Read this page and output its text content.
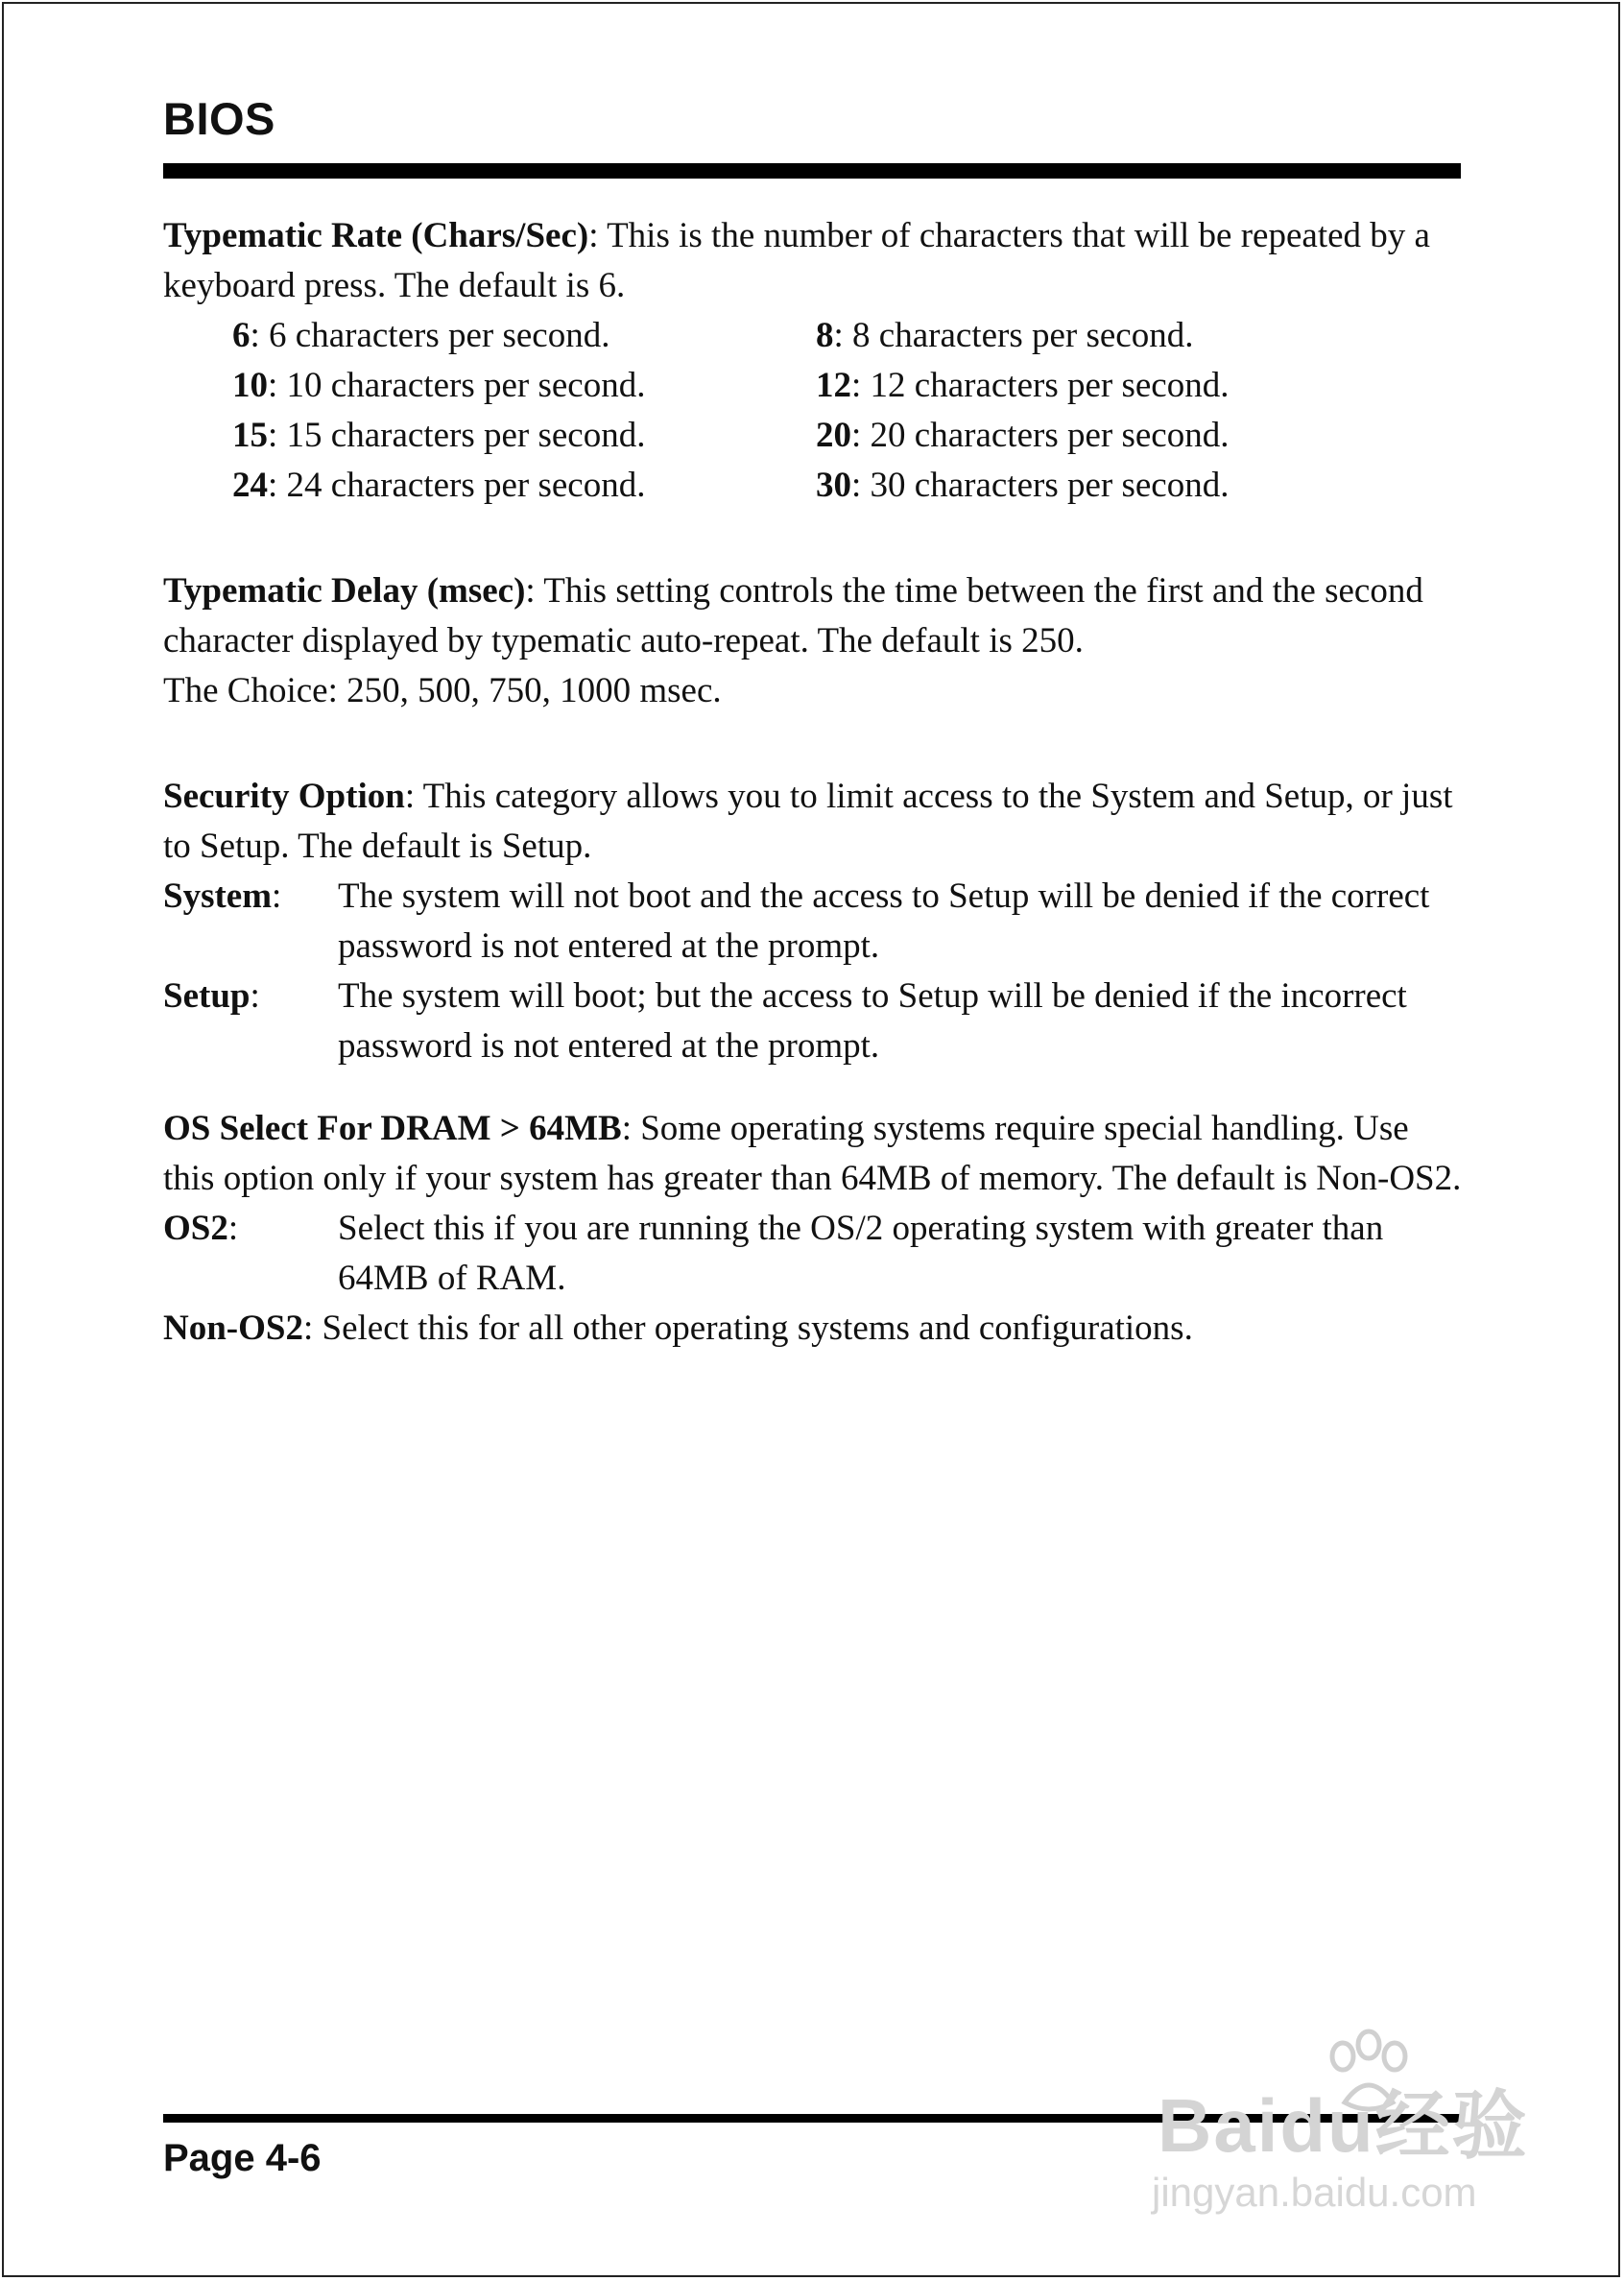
BIOS

Typematic Rate (Chars/Sec): This is the number of characters that will be repeated by a keyboard press. The default is 6.

6: 6 characters per second.	8: 8 characters per second.
10: 10 characters per second.	12: 12 characters per second.
15: 15 characters per second.	20: 20 characters per second.
24: 24 characters per second.	30: 30 characters per second.

Typematic Delay (msec): This setting controls the time between the first and the second character displayed by typematic auto-repeat. The default is 250.

The Choice: 250, 500, 750, 1000 msec.

Security Option: This category allows you to limit access to the System and Setup, or just to Setup. The default is Setup.

System:	The system will not boot and the access to Setup will be denied if the correct password is not entered at the prompt.
Setup:	The system will boot; but the access to Setup will be denied if the incorrect password is not entered at the prompt.

OS Select For DRAM > 64MB: Some operating systems require special handling. Use this option only if your system has greater than 64MB of memory. The default is Non-OS2.

OS2:	Select this if you are running the OS/2 operating system with greater than 64MB of RAM.

Non-OS2: Select this for all other operating systems and configurations.

Page 4-6	Baidu经验
jingyan.baidu.com
